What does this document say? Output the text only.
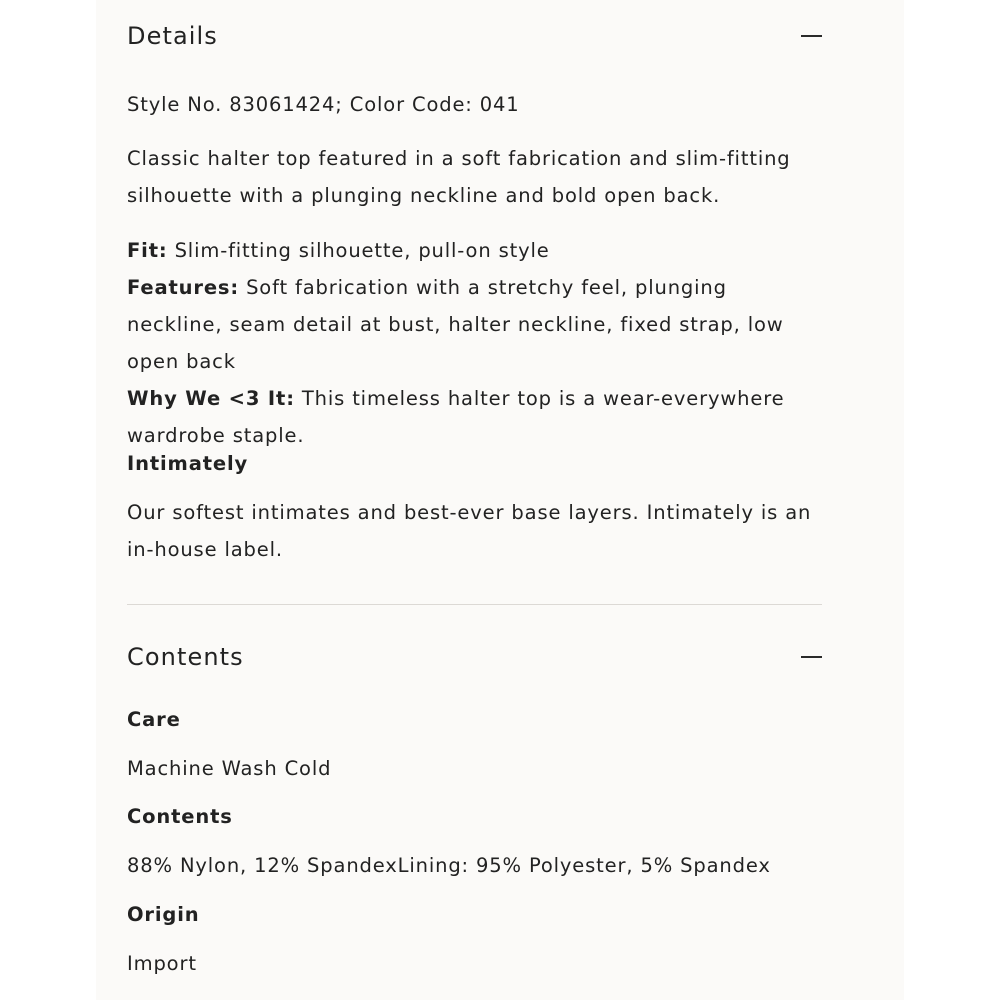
Details

Style No. 83061424; Color Code: 041

Classic halter top featured in a soft fabrication and slim-fitting silhouette with a plunging neckline and bold open back.

Fit: Slim-fitting silhouette, pull-on style
Features: Soft fabrication with a stretchy feel, plunging neckline, seam detail at bust, halter neckline, fixed strap, low open back
Why We <3 It: This timeless halter top is a wear-everywhere wardrobe staple.

Intimately

Our softest intimates and best-ever base layers. Intimately is an in-house label.

Contents
Care

Machine Wash Cold

Contents

88% Nylon, 12% SpandexLining: 95% Polyester, 5% Spandex

Origin

Import
